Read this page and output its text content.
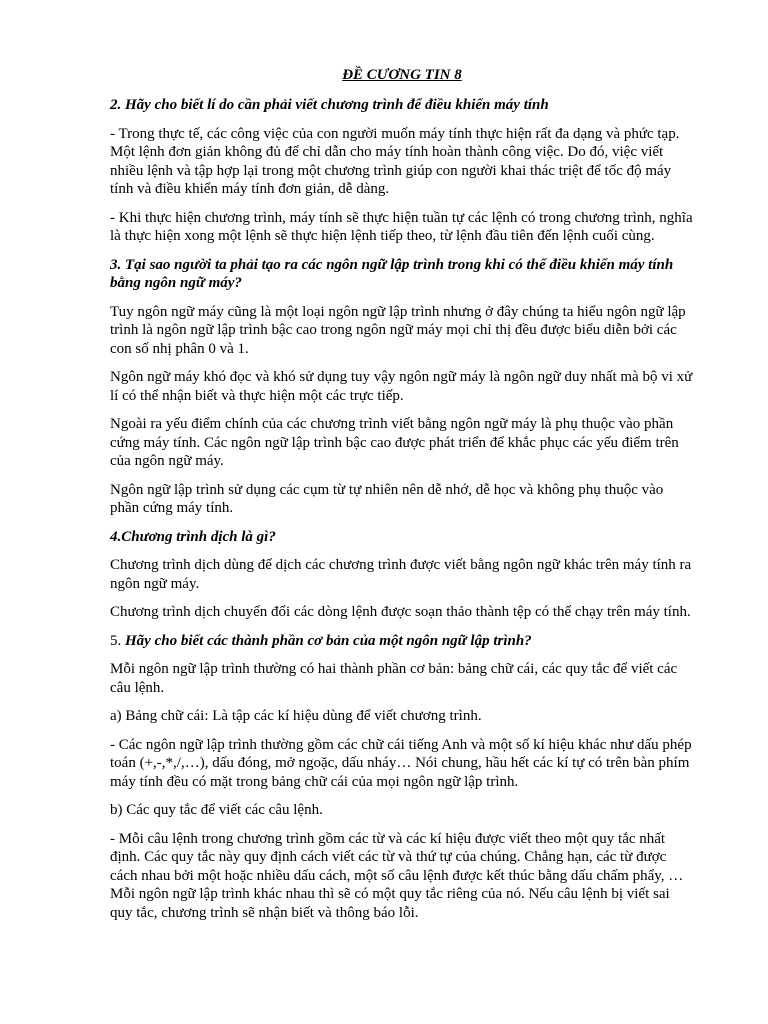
ĐỀ CƯƠNG TIN 8
2. Hãy cho biết lí do cần phải viết chương trình để điều khiển máy tính

- Trong thực tế, các công việc của con người muốn máy tính thực hiện rất đa dạng và phức tạp. Một lệnh đơn giản không đủ để chỉ dẫn cho máy tính hoàn thành công việc. Do đó, việc viết nhiều lệnh và tập hợp lại trong một chương trình giúp con người khai thác triệt để tốc độ máy tính và điều khiển máy tính đơn giản, dễ dàng.

- Khi thực hiện chương trình, máy tính sẽ thực hiện tuần tự các lệnh có trong chương trình, nghĩa là thực hiện xong một lệnh sẽ thực hiện lệnh tiếp theo, từ lệnh đầu tiên đến lệnh cuối cùng.

3. Tại sao người ta phải tạo ra các ngôn ngữ lập trình trong khi có thể điều khiển máy tính bằng ngôn ngữ máy?

Tuy ngôn ngữ máy cũng là một loại ngôn ngữ lập trình nhưng ở đây chúng ta hiểu ngôn ngữ lập trình là ngôn ngữ lập trình bậc cao trong ngôn ngữ máy mọi chỉ thị đều được biểu diễn bởi các con số nhị phân 0 và 1.

Ngôn ngữ máy khó đọc và khó sử dụng tuy vậy ngôn ngữ máy là ngôn ngữ duy nhất mà bộ vi xử lí có thể nhận biết và thực hiện một các trực tiếp.

Ngoài ra yếu điểm chính của các chương trình viết bằng ngôn ngữ máy là phụ thuộc vào phần cứng máy tính. Các ngôn ngữ lập trình bậc cao được phát triển để khắc phục các yếu điểm trên của ngôn ngữ máy.

Ngôn ngữ lập trình sử dụng các cụm từ tự nhiên nên dễ nhớ, dễ học và không phụ thuộc vào phần cứng máy tính.

4.Chương trình dịch là gì?

Chương trình dịch dùng để dịch các chương trình được viết bằng ngôn ngữ khác trên máy tính ra ngôn ngữ máy.

Chương trình dịch chuyển đổi các dòng lệnh được soạn thảo thành tệp có thể chạy trên máy tính.

5. Hãy cho biết các thành phần cơ bản của một ngôn ngữ lập trình?

Mỗi ngôn ngữ lập trình thường có hai thành phần cơ bản: bảng chữ cái, các quy tắc để viết các câu lệnh.

a) Bảng chữ cái: Là tập các kí hiệu dùng để viết chương trình.

- Các ngôn ngữ lập trình thường gồm các chữ cái tiếng Anh và một số kí hiệu khác như dấu phép toán (+,-,*,/,…), dấu đóng, mở ngoặc, dấu nháy… Nói chung, hầu hết các kí tự có trên bàn phím máy tính đều có mặt trong bảng chữ cái của mọi ngôn ngữ lập trình.

b) Các quy tắc để viết các câu lệnh.

- Mỗi câu lệnh trong chương trình gồm các từ và các kí hiệu được viết theo một quy tắc nhất định. Các quy tắc này quy định cách viết các từ và thứ tự của chúng. Chẳng hạn, các từ được cách nhau bởi một hoặc nhiều dấu cách, một số câu lệnh được kết thúc bằng dấu chấm phẩy, … Mỗi ngôn ngữ lập trình khác nhau thì sẽ có một quy tắc riêng của nó. Nếu câu lệnh bị viết sai quy tắc, chương trình sẽ nhận biết và thông báo lỗi.
